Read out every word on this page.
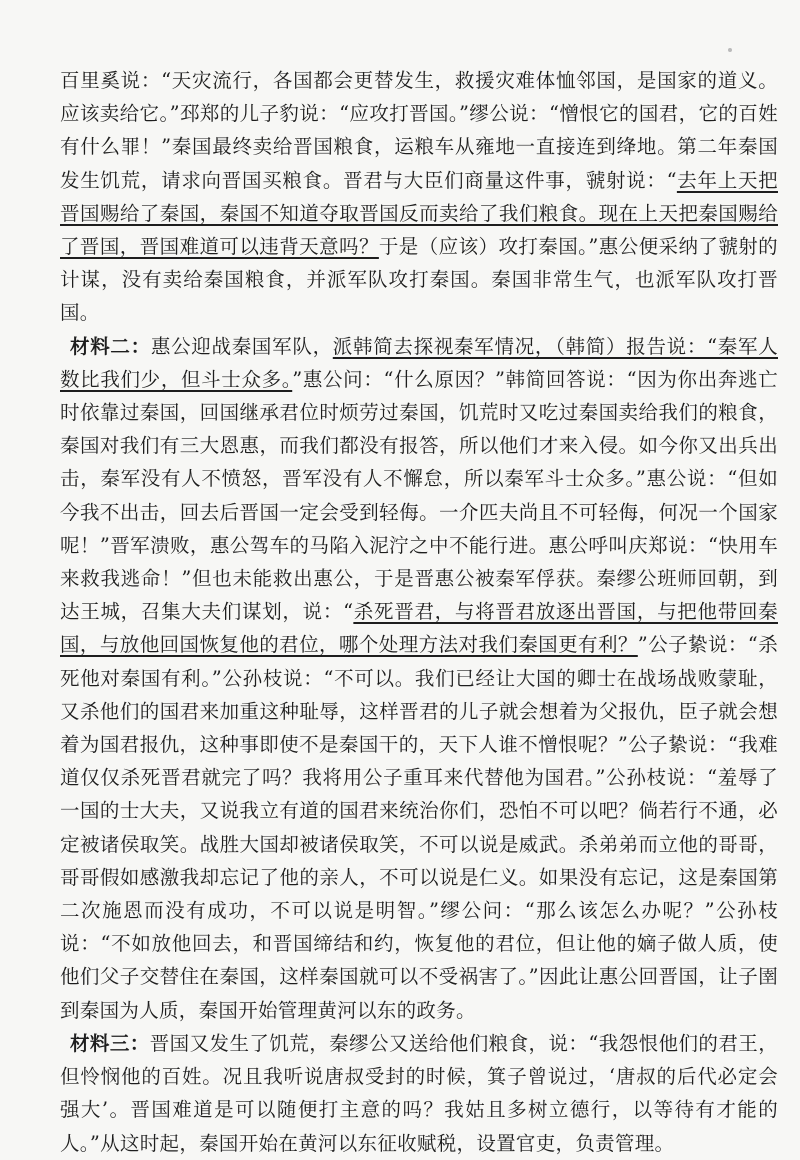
百里奚说：“天灾流行，各国都会更替发生，救援灾难体恤邻国，是国家的道义。应该卖给它。”邳郑的儿子豹说：“应攻打晋国。”缪公说：“憎恨它的国君，它的百姓有什么罪！”秦国最终卖给晋国粮食，运粮车从雍地一直接连到绛地。第二年秦国发生饥荒，请求向晋国买粮食。晋君与大臣们商量这件事，虢射说：“去年上天把晋国赐给了秦国，秦国不知道夺取晋国反而卖给了我们粮食。现在上天把秦国赐给了晋国，晋国难道可以违背天意吗？于是（应该）攻打秦国。”惠公便采纳了虢射的计谋，没有卖给秦国粮食，并派军队攻打秦国。秦国非常生气，也派军队攻打晋国。

材料二：惠公迎战秦国军队，派韩简去探视秦军情况，（韩简）报告说：“秦军人数比我们少，但斗士众多。”惠公问：“什么原因？”韩简回答说：“因为你出奔逃亡时依靠过秦国，回国继承君位时烦劳过秦国，饥荒时又吃过秦国卖给我们的粮食，秦国对我们有三大恩惠，而我们都没有报答，所以他们才来入侵。如今你又出兵出击，秦军没有人不愤怒，晋军没有人不懈怠，所以秦军斗士众多。”惠公说：“但如今我不出击，回去后晋国一定会受到轻侮。一介匹夫尚且不可轻侮，何况一个国家呢！”晋军溃败，惠公驾车的马陷入泥泞之中不能行进。惠公呼叫庆郑说：“快用车来救我逃命！”但也未能救出惠公，于是晋惠公被秦军俘获。秦缪公班师回朝，到达王城，召集大夫们谋划，说：“杀死晋君，与将晋君放逐出晋国，与把他带回秦国，与放他回国恢复他的君位，哪个处理方法对我们秦国更有利？”公子絷说：“杀死他对秦国有利。”公孙枝说：“不可以。我们已经让大国的卿士在战场战败蒙耻，又杀他们的国君来加重这种耻辱，这样晋君的儿子就会想着为父报仇，臣子就会想着为国君报仇，这种事即使不是秦国干的，天下人谁不憎恨呢？”公子絷说：“我难道仅仅杀死晋君就完了吗？我将用公子重耳来代替他为国君。”公孙枝说：“羞辱了一国的士大夫，又说我立有道的国君来统治你们，恐怕不可以吧？倘若行不通，必定被诸侯取笑。战胜大国却被诸侯取笑，不可以说是威武。杀弟弟而立他的哥哥，哥哥假如感激我却忘记了他的亲人，不可以说是仁义。如果没有忘记，这是秦国第二次施恩而没有成功，不可以说是明智。”缪公问：“那么该怎么办呢？”公孙枝说：“不如放他回去，和晋国缔结和约，恢复他的君位，但让他的嫡子做人质，使他们父子交替住在秦国，这样秦国就可以不受祸害了。”因此让惠公回晋国，让子圉到秦国为人质，秦国开始管理黄河以东的政务。

材料三：晋国又发生了饥荒，秦缪公又送给他们粮食，说：“我怨恨他们的君王，但怜悯他的百姓。况且我听说唐叔受封的时候，箕子曾说过，‘唐叔的后代必定会强大’。晋国难道是可以随便打主意的吗？我姑且多树立德行，以等待有才能的人。”从这时起，秦国开始在黄河以东征收赋税，设置官吏，负责管理。
